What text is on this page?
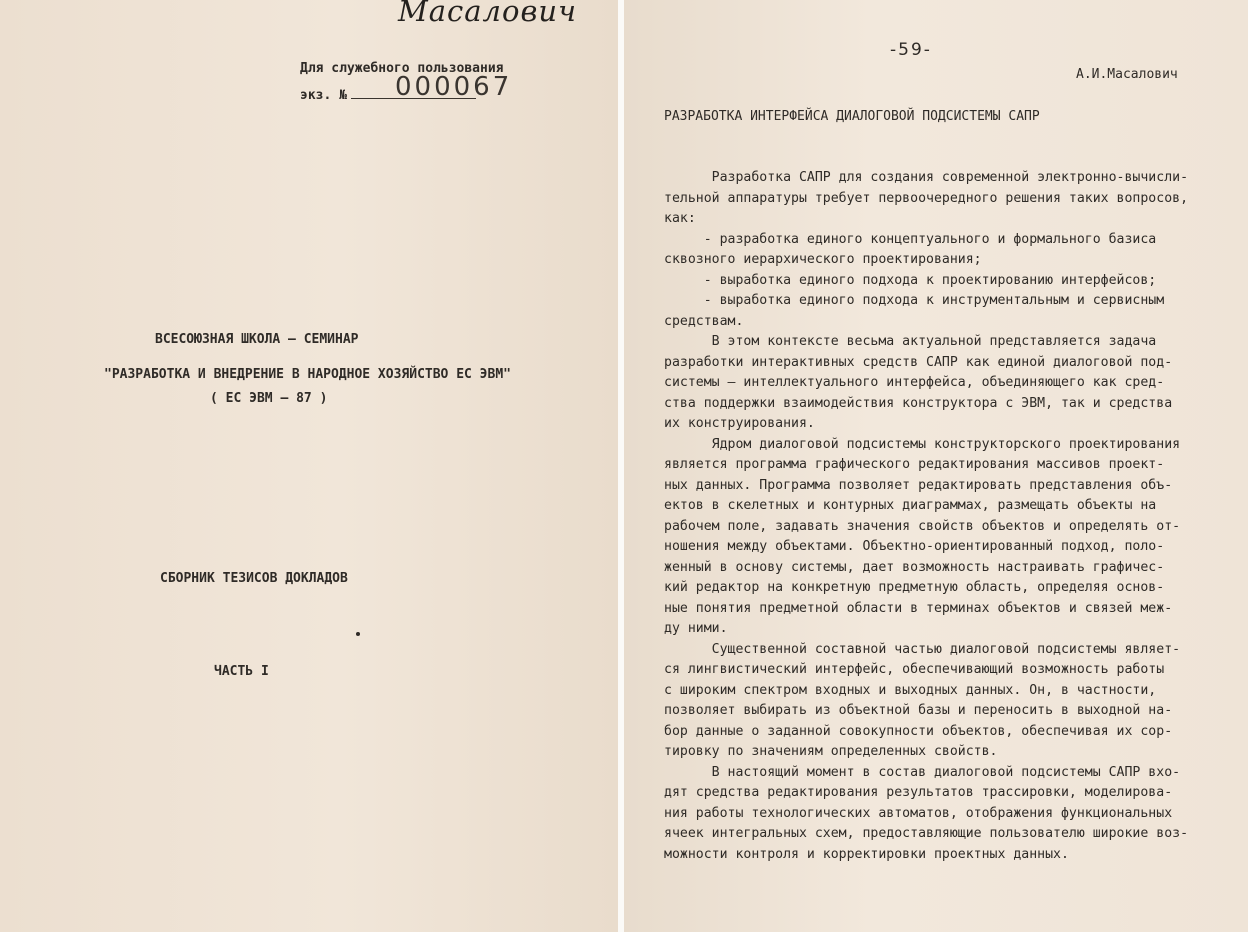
Масалович
Для служебного пользования
экз. №	000067
ВСЕСОЮЗНАЯ ШКОЛА – СЕМИНАР
"РАЗРАБОТКА И ВНЕДРЕНИЕ В НАРОДНОЕ ХОЗЯЙСТВО ЕС ЭВМ"
( ЕС ЭВМ – 87 )
СБОРНИК ТЕЗИСОВ ДОКЛАДОВ
ЧАСТЬ I
-59-
А.И.Масалович
РАЗРАБОТКА ИНТЕРФЕЙСА ДИАЛОГОВОЙ ПОДСИСТЕМЫ САПР
Разработка САПР для создания современной электронно-вычисли-
тельной аппаратуры требует первоочередного решения таких вопросов,
как:
- разработка единого концептуального и формального базиса
сквозного иерархического проектирования;
- выработка единого подхода к проектированию интерфейсов;
- выработка единого подхода к инструментальным и сервисным
средствам.
В этом контексте весьма актуальной представляется задача
разработки интерактивных средств САПР как единой диалоговой под-
системы – интеллектуального интерфейса, объединяющего как сред-
ства поддержки взаимодействия конструктора с ЭВМ, так и средства
их конструирования.
Ядром диалоговой подсистемы конструкторского проектирования
является программа графического редактирования массивов проект-
ных данных. Программа позволяет редактировать представления объ-
ектов в скелетных и контурных диаграммах, размещать объекты на
рабочем поле, задавать значения свойств объектов и определять от-
ношения между объектами. Объектно-ориентированный подход, поло-
женный в основу системы, дает возможность настраивать графичес-
кий редактор на конкретную предметную область, определяя основ-
ные понятия предметной области в терминах объектов и связей меж-
ду ними.
Существенной составной частью диалоговой подсистемы являет-
ся лингвистический интерфейс, обеспечивающий возможность работы
с широким спектром входных и выходных данных. Он, в частности,
позволяет выбирать из объектной базы и переносить в выходной на-
бор данные о заданной совокупности объектов, обеспечивая их сор-
тировку по значениям определенных свойств.
В настоящий момент в состав диалоговой подсистемы САПР вхо-
дят средства редактирования результатов трассировки, моделирова-
ния работы технологических автоматов, отображения функциональных
ячеек интегральных схем, предоставляющие пользователю широкие воз-
можности контроля и корректировки проектных данных.
